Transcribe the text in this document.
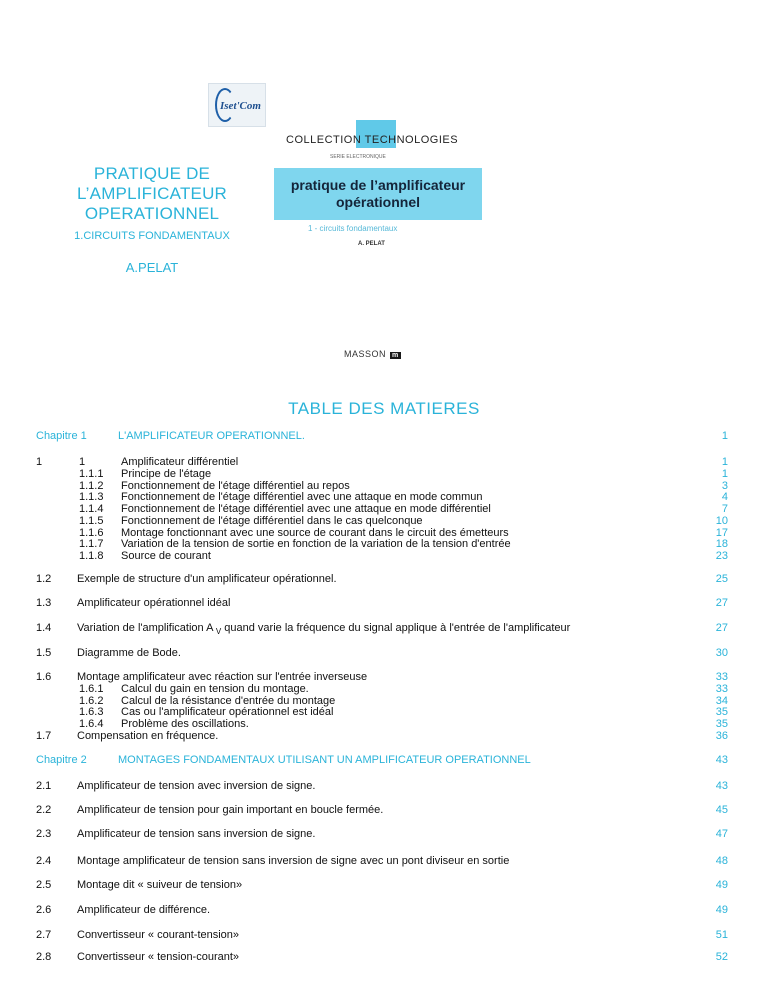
Iset'Com
PRATIQUE DE
L’AMPLIFICATEUR
OPERATIONNEL
1.CIRCUITS FONDAMENTAUX
A.PELAT
COLLECTION TECHNOLOGIES
SERIE ELECTRONIQUE
pratique de l’amplificateur
opérationnel
1 - circuits fondamentaux
A. PELAT
MASSON m
TABLE DES MATIERES
Chapitre 1	L'AMPLIFICATEUR OPERATIONNEL.	1
1	1	Amplificateur différentiel	1
1.1.1 Principe de l'étage	1
1.1.2 Fonctionnement de l'étage différentiel au repos	3
1.1.3 Fonctionnement de l'étage différentiel avec une attaque en mode commun	4
1.1.4 Fonctionnement de l'étage différentiel avec une attaque en mode différentiel	7
1.1.5 Fonctionnement de l'étage différentiel dans le cas quelconque	10
1.1.6 Montage fonctionnant avec une source de courant dans le circuit des émetteurs	17
1.1.7 Variation de la tension de sortie en fonction de la variation de la tension d'entrée	18
1.1.8 Source de courant	23
1.2 Exemple de structure d'un amplificateur opérationnel.	25
1.3 Amplificateur opérationnel idéal	27
1.4 Variation de l'amplification A $_V$ quand varie la fréquence du signal applique à l'entrée de l'amplificateur	27
1.5 Diagramme de Bode.	30
1.6 Montage amplificateur avec réaction sur l'entrée inverseuse	33
1.6.1 Calcul du gain en tension du montage.	33
1.6.2 Calcul de la résistance d'entrée du montage	34
1.6.3 Cas ou l'amplificateur opérationnel est idéal	35
1.6.4 Problème des oscillations.	35
1.7 Compensation en fréquence.	36
Chapitre 2	MONTAGES FONDAMENTAUX UTILISANT UN AMPLIFICATEUR OPERATIONNEL	43
2.1 Amplificateur de tension avec inversion de signe.	43
2.2 Amplificateur de tension pour gain important en boucle fermée.	45
2.3 Amplificateur de tension sans inversion de signe.	47
2.4 Montage amplificateur de tension sans inversion de signe avec un pont diviseur en sortie	48
2.5 Montage dit « suiveur de tension»	49
2.6 Amplificateur de différence.	49
2.7 Convertisseur « courant-tension»	51
2.8 Convertisseur « tension-courant»	52
